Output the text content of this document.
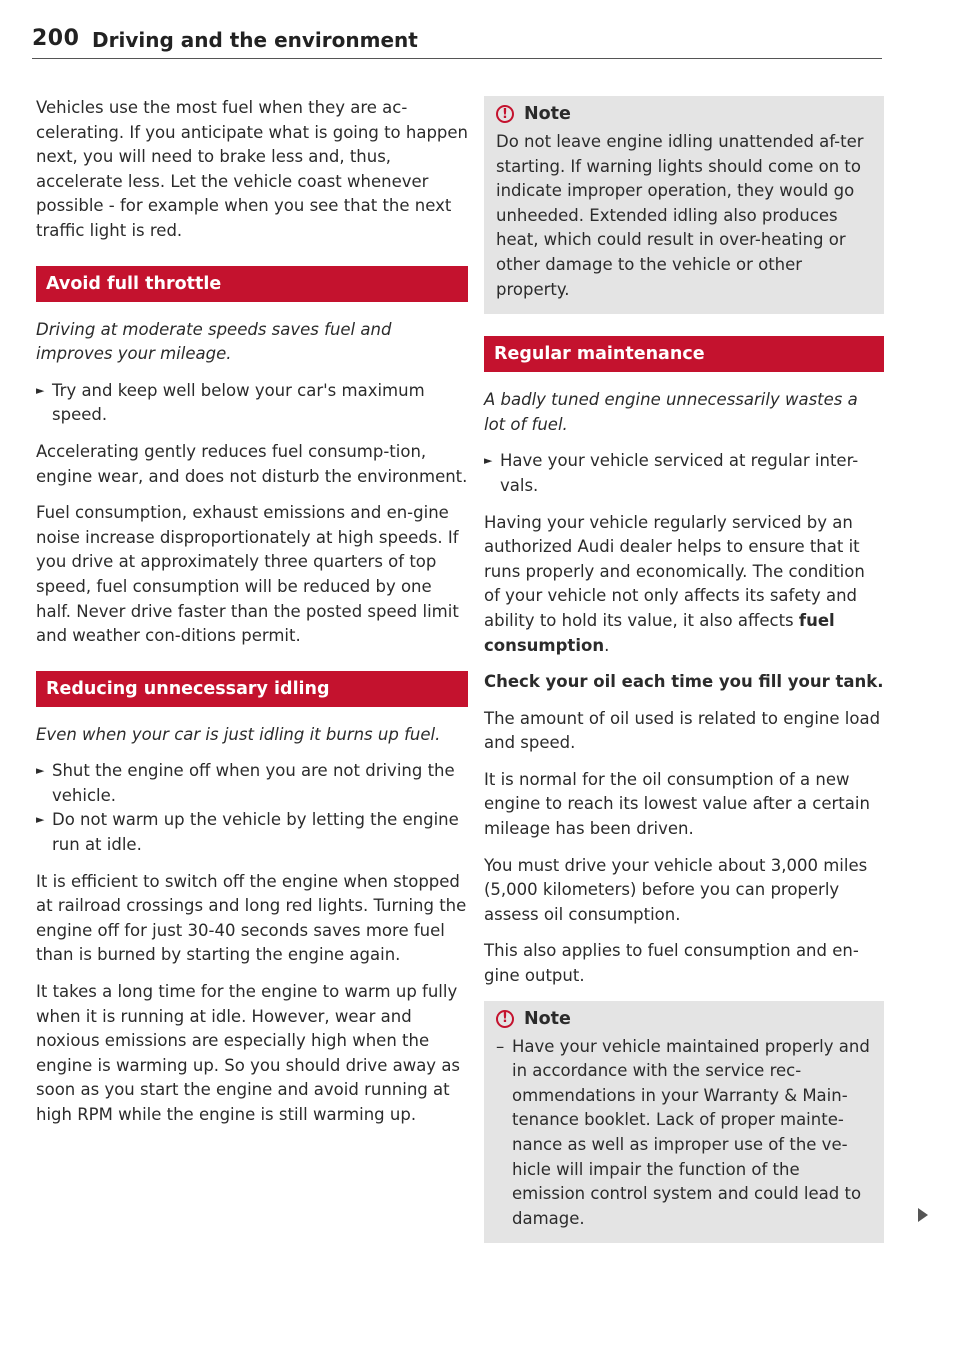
200 Driving and the environment

Vehicles use the most fuel when they are ac-celerating. If you anticipate what is going to happen next, you will need to brake less and, thus, accelerate less. Let the vehicle coast whenever possible - for example when you see that the next traffic light is red.

Avoid full throttle

Driving at moderate speeds saves fuel and improves your mileage.

► Try and keep well below your car's maximum speed.

Accelerating gently reduces fuel consump-tion, engine wear, and does not disturb the environment.

Fuel consumption, exhaust emissions and en-gine noise increase disproportionately at high speeds. If you drive at approximately three quarters of top speed, fuel consumption will be reduced by one half. Never drive faster than the posted speed limit and weather con-ditions permit.

Reducing unnecessary idling

Even when your car is just idling it burns up fuel.

► Shut the engine off when you are not driving the vehicle.
► Do not warm up the vehicle by letting the engine run at idle.

It is efficient to switch off the engine when stopped at railroad crossings and long red lights. Turning the engine off for just 30-40 seconds saves more fuel than is burned by starting the engine again.

It takes a long time for the engine to warm up fully when it is running at idle. However, wear and noxious emissions are especially high when the engine is warming up. So you should drive away as soon as you start the engine and avoid running at high RPM while the engine is still warming up.

! Note

Do not leave engine idling unattended af-ter starting. If warning lights should come on to indicate improper operation, they would go unheeded. Extended idling also produces heat, which could result in over-heating or other damage to the vehicle or other property.

Regular maintenance

A badly tuned engine unnecessarily wastes a lot of fuel.

► Have your vehicle serviced at regular inter-vals.

Having your vehicle regularly serviced by an authorized Audi dealer helps to ensure that it runs properly and economically. The condition of your vehicle not only affects its safety and ability to hold its value, it also affects fuel consumption.

Check your oil each time you fill your tank.

The amount of oil used is related to engine load and speed.

It is normal for the oil consumption of a new engine to reach its lowest value after a certain mileage has been driven.

You must drive your vehicle about 3,000 miles (5,000 kilometers) before you can properly assess oil consumption.

This also applies to fuel consumption and en-gine output.

! Note
– Have your vehicle maintained properly and in accordance with the service rec-ommendations in your Warranty & Main-tenance booklet. Lack of proper mainte-nance as well as improper use of the ve-hicle will impair the function of the emission control system and could lead to damage.
